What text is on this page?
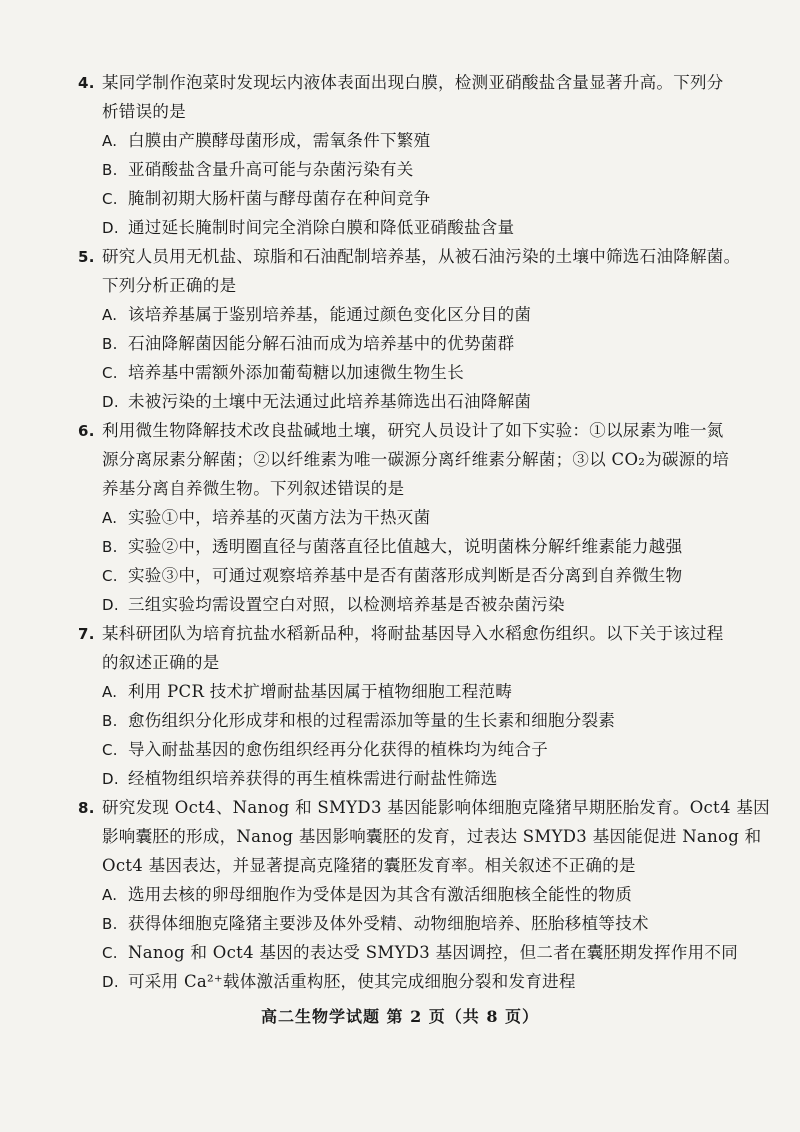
4. 某同学制作泡菜时发现坛内液体表面出现白膜，检测亚硝酸盐含量显著升高。下列分
析错误的是
A. 白膜由产膜酵母菌形成，需氧条件下繁殖
B. 亚硝酸盐含量升高可能与杂菌污染有关
C. 腌制初期大肠杆菌与酵母菌存在种间竞争
D. 通过延长腌制时间完全消除白膜和降低亚硝酸盐含量
5. 研究人员用无机盐、琼脂和石油配制培养基，从被石油污染的土壤中筛选石油降解菌。
下列分析正确的是
A. 该培养基属于鉴别培养基，能通过颜色变化区分目的菌
B. 石油降解菌因能分解石油而成为培养基中的优势菌群
C. 培养基中需额外添加葡萄糖以加速微生物生长
D. 未被污染的土壤中无法通过此培养基筛选出石油降解菌
6. 利用微生物降解技术改良盐碱地土壤，研究人员设计了如下实验：①以尿素为唯一氮
源分离尿素分解菌；②以纤维素为唯一碳源分离纤维素分解菌；③以 CO₂为碳源的培
养基分离自养微生物。下列叙述错误的是
A. 实验①中，培养基的灭菌方法为干热灭菌
B. 实验②中，透明圈直径与菌落直径比值越大，说明菌株分解纤维素能力越强
C. 实验③中，可通过观察培养基中是否有菌落形成判断是否分离到自养微生物
D. 三组实验均需设置空白对照，以检测培养基是否被杂菌污染
7. 某科研团队为培育抗盐水稻新品种，将耐盐基因导入水稻愈伤组织。以下关于该过程
的叙述正确的是
A. 利用 PCR 技术扩增耐盐基因属于植物细胞工程范畴
B. 愈伤组织分化形成芽和根的过程需添加等量的生长素和细胞分裂素
C. 导入耐盐基因的愈伤组织经再分化获得的植株均为纯合子
D. 经植物组织培养获得的再生植株需进行耐盐性筛选
8. 研究发现 Oct4、Nanog 和 SMYD3 基因能影响体细胞克隆猪早期胚胎发育。Oct4 基因
影响囊胚的形成，Nanog 基因影响囊胚的发育，过表达 SMYD3 基因能促进 Nanog 和
Oct4 基因表达，并显著提高克隆猪的囊胚发育率。相关叙述不正确的是
A. 选用去核的卵母细胞作为受体是因为其含有激活细胞核全能性的物质
B. 获得体细胞克隆猪主要涉及体外受精、动物细胞培养、胚胎移植等技术
C. Nanog 和 Oct4 基因的表达受 SMYD3 基因调控，但二者在囊胚期发挥作用不同
D. 可采用 Ca²⁺载体激活重构胚，使其完成细胞分裂和发育进程
高二生物学试题 第 2 页（共 8 页）
